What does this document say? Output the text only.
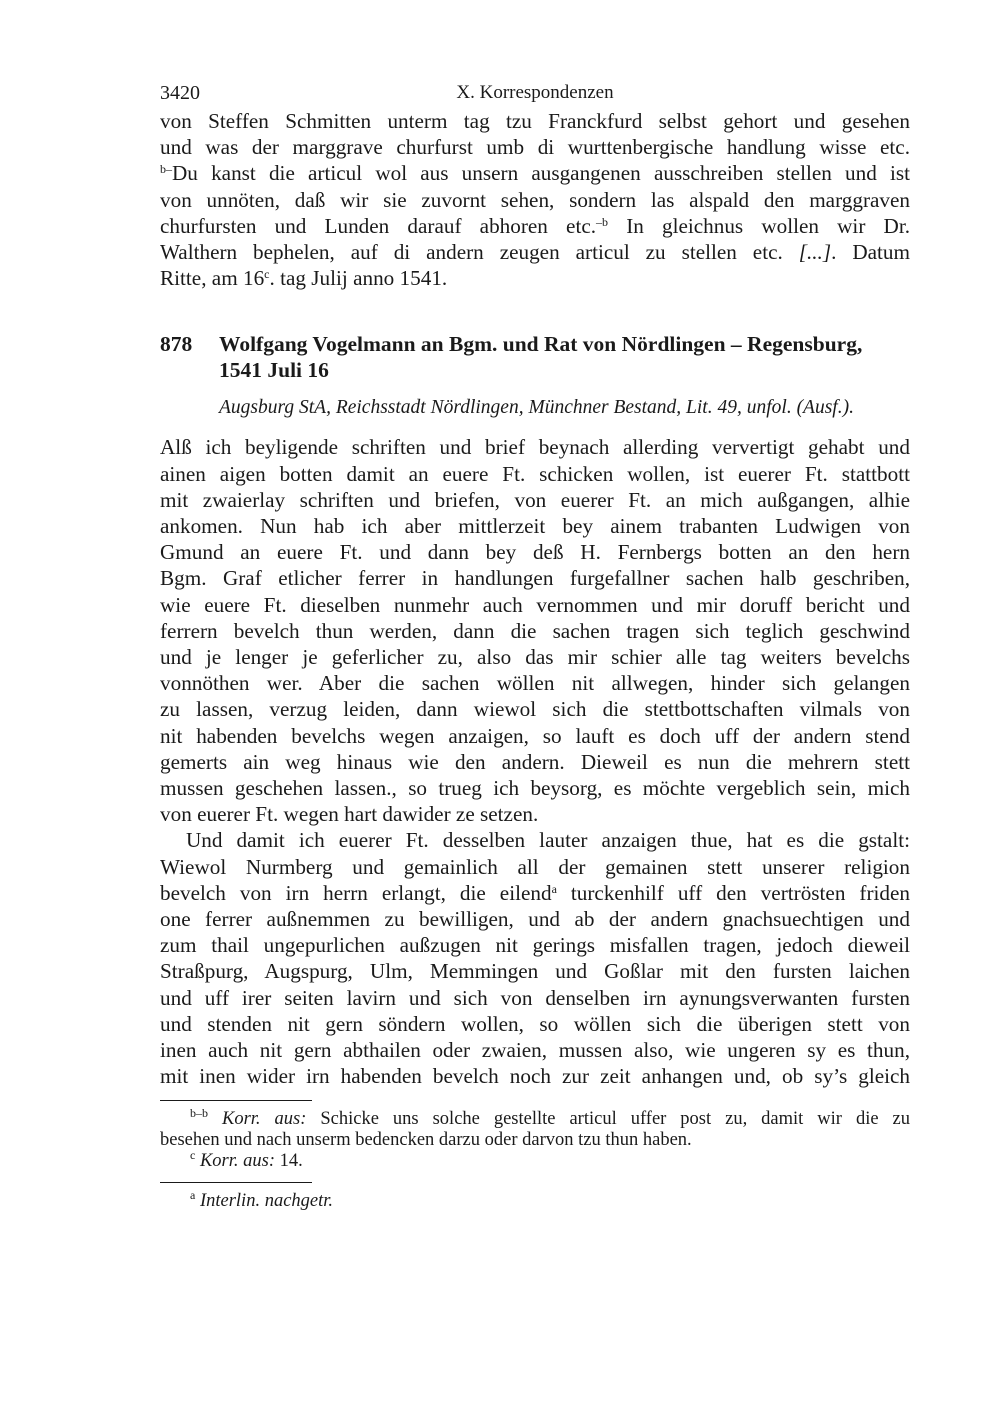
3420	X. Korrespondenzen

von Steffen Schmitten unterm tag tzu Franckfurd selbst gehort und gesehen
und was der marggrave churfurst umb di wurttenbergische handlung wisse etc.
$^{b-}$Du kanst die articul wol aus unsern ausgangenen ausschreiben stellen und ist
von unnöten, daß wir sie zuvornt sehen, sondern las alspald den marggraven
churfursten und Lunden darauf abhoren etc.$^{-b}$ In gleichnus wollen wir Dr.
Walthern bephelen, auf di andern zeugen articul zu stellen etc. [...]. Datum
Ritte, am 16$^c$. tag Julij anno 1541.

878 Wolfgang Vogelmann an Bgm. und Rat von Nördlingen – Regensburg,
1541 Juli 16
Augsburg StA, Reichsstadt Nördlingen, Münchner Bestand, Lit. 49, unfol. (Ausf.).

Alß ich beyligende schriften und brief beynach allerding ververtigt gehabt und
ainen aigen botten damit an euere Ft. schicken wollen, ist euerer Ft. stattbott
mit zwaierlay schriften und briefen, von euerer Ft. an mich außgangen, alhie
ankomen. Nun hab ich aber mittlerzeit bey ainem trabanten Ludwigen von
Gmund an euere Ft. und dann bey deß H. Fernbergs botten an den hern
Bgm. Graf etlicher ferrer in handlungen furgefallner sachen halb geschriben,
wie euere Ft. dieselben nunmehr auch vernommen und mir doruff bericht und
ferrern bevelch thun werden, dann die sachen tragen sich teglich geschwind
und je lenger je geferlicher zu, also das mir schier alle tag weiters bevelchs
vonnöthen wer. Aber die sachen wöllen nit allwegen, hinder sich gelangen
zu lassen, verzug leiden, dann wiewol sich die stettbottschaften vilmals von
nit habenden bevelchs wegen anzaigen, so lauft es doch uff der andern stend
gemerts ain weg hinaus wie den andern. Dieweil es nun die mehrern stett
mussen geschehen lassen., so trueg ich beysorg, es möchte vergeblich sein, mich
von euerer Ft. wegen hart dawider ze setzen.

Und damit ich euerer Ft. desselben lauter anzaigen thue, hat es die gstalt:
Wiewol Nurmberg und gemainlich all der gemainen stett unserer religion
bevelch von irn herrn erlangt, die eilend$^a$ turckenhilf uff den vertrösten friden
one ferrer außnemmen zu bewilligen, und ab der andern gnachsuechtigen und
zum thail ungepurlichen außzugen nit gerings misfallen tragen, jedoch dieweil
Straßpurg, Augspurg, Ulm, Memmingen und Goßlar mit den fursten laichen
und uff irer seiten lavirn und sich von denselben irn aynungsverwanten fursten
und stenden nit gern söndern wollen, so wöllen sich die überigen stett von
inen auch nit gern abthailen oder zwaien, mussen also, wie ungeren sy es thun,
mit inen wider irn habenden bevelch noch zur zeit anhangen und, ob sy’s gleich

$^{b-b}$ Korr. aus: Schicke uns solche gestellte articul uffer post zu, damit wir die zu
besehen und nach unserm bedencken darzu oder darvon tzu thun haben.
$^c$ Korr. aus: 14.
$^a$ Interlin. nachgetr.
